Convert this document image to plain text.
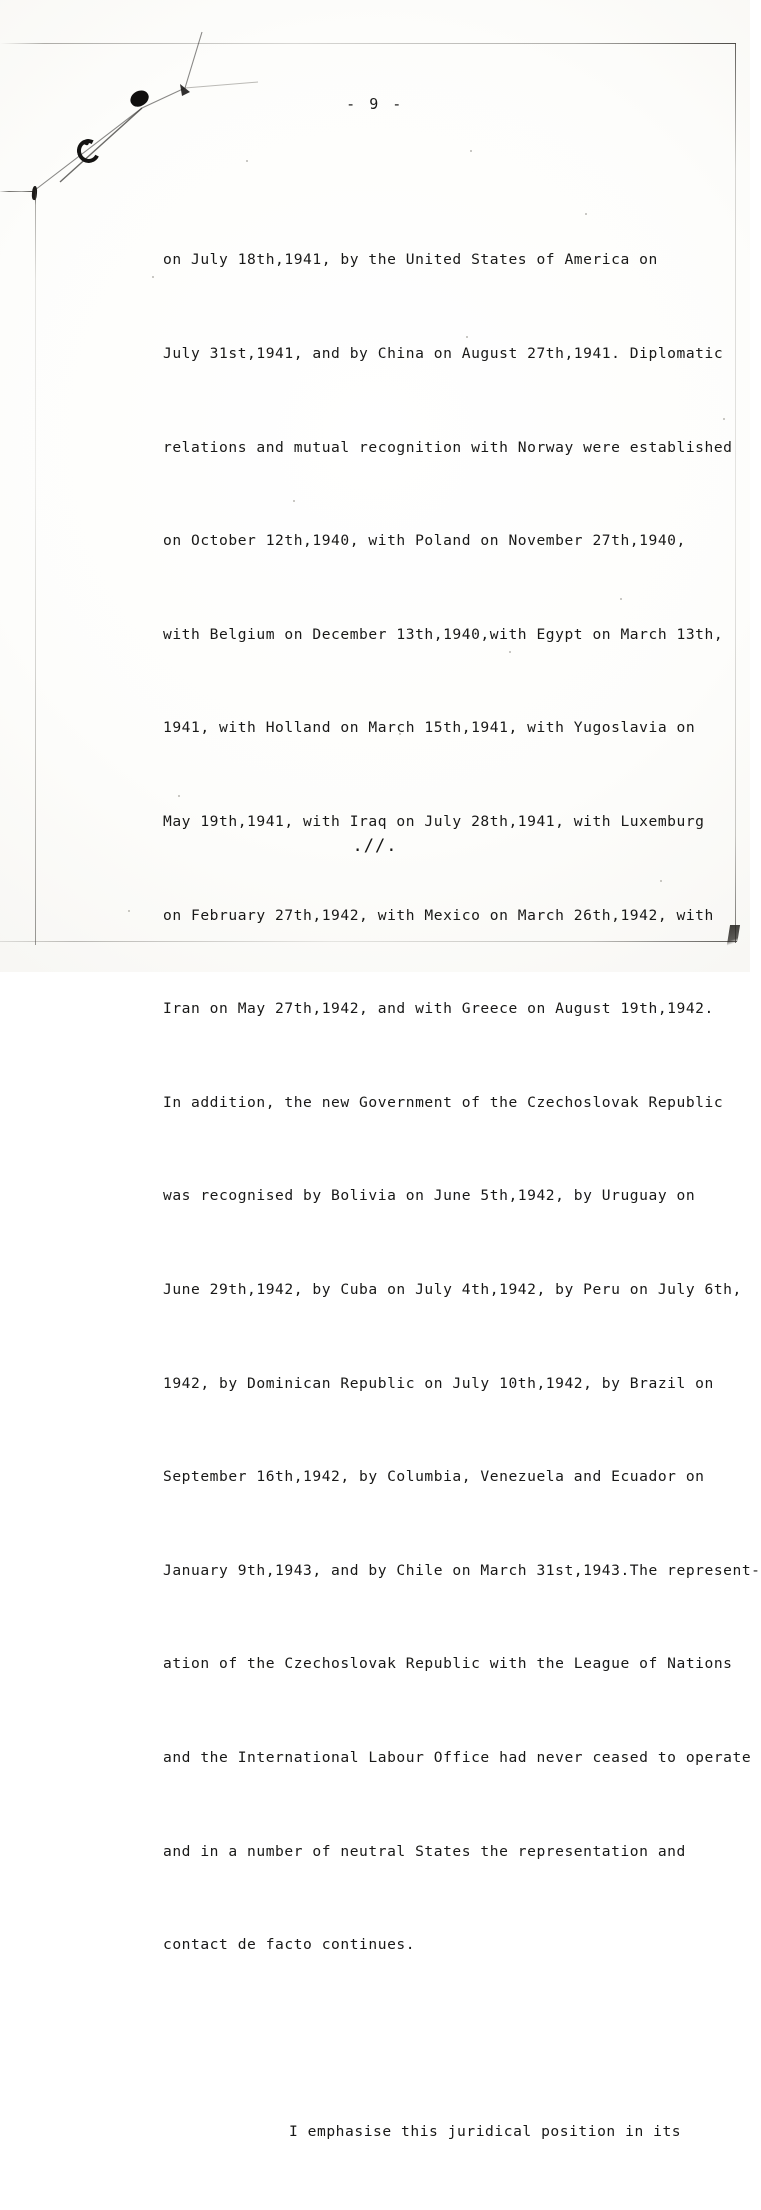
- 9 -

on July 18th,1941, by the United States of America on

July 31st,1941, and by China on August 27th,1941. Diplomatic

relations and mutual recognition with Norway were established

on October 12th,1940, with Poland on November 27th,1940,

with Belgium on December 13th,1940,with Egypt on March 13th,

1941, with Holland on March 15th,1941, with Yugoslavia on

May 19th,1941, with Iraq on July 28th,1941, with Luxemburg

on February 27th,1942, with Mexico on March 26th,1942, with

Iran on May 27th,1942, and with Greece on August 19th,1942.

In addition, the new Government of the Czechoslovak Republic

was recognised by Bolivia on June 5th,1942, by Uruguay on

June 29th,1942, by Cuba on July 4th,1942, by Peru on July 6th,

1942, by Dominican Republic on July 10th,1942, by Brazil on

September 16th,1942, by Columbia, Venezuela and Ecuador on

January 9th,1943, and by Chile on March 31st,1943.The represent-

ation of the Czechoslovak Republic with the League of Nations

and the International Labour Office had never ceased to operate

and in a number of neutral States the representation and

contact de facto continues.

I emphasise this juridical position in its

.//.
